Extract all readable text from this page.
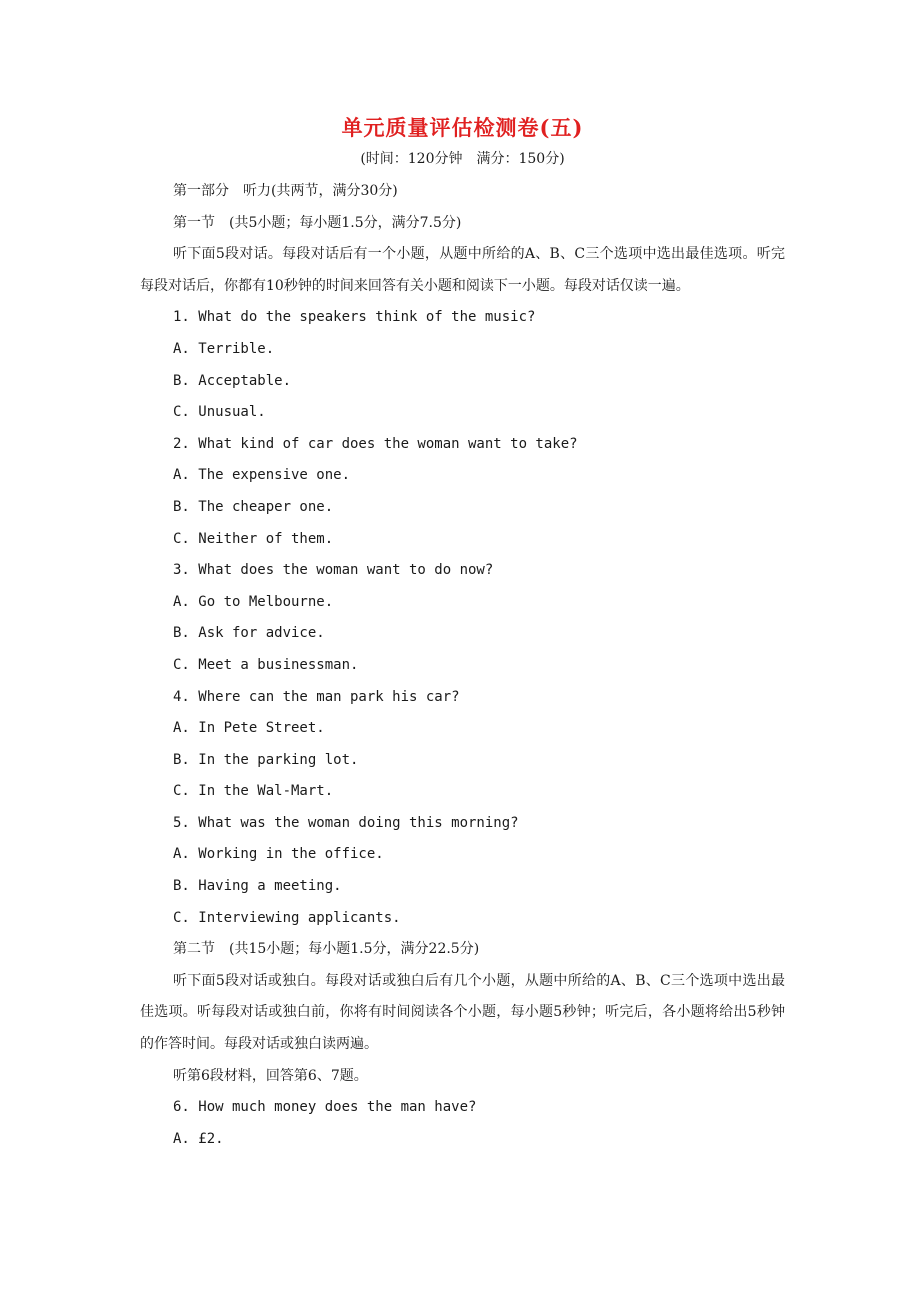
单元质量评估检测卷(五)

(时间：120分钟　满分：150分)

第一部分　听力(共两节，满分30分)

第一节　(共5小题；每小题1.5分，满分7.5分)

听下面5段对话。每段对话后有一个小题，从题中所给的A、B、C三个选项中选出最佳选项。听完每段对话后，你都有10秒钟的时间来回答有关小题和阅读下一小题。每段对话仅读一遍。

1. What do the speakers think of the music?

A. Terrible.

B. Acceptable.

C. Unusual.

2. What kind of car does the woman want to take?

A. The expensive one.

B. The cheaper one.

C. Neither of them.

3. What does the woman want to do now?

A. Go to Melbourne.

B. Ask for advice.

C. Meet a businessman.

4. Where can the man park his car?

A. In Pete Street.

B. In the parking lot.

C. In the Wal-Mart.

5. What was the woman doing this morning?

A. Working in the office.

B. Having a meeting.

C. Interviewing applicants.

第二节　(共15小题；每小题1.5分，满分22.5分)

听下面5段对话或独白。每段对话或独白后有几个小题，从题中所给的A、B、C三个选项中选出最佳选项。听每段对话或独白前，你将有时间阅读各个小题，每小题5秒钟；听完后，各小题将给出5秒钟的作答时间。每段对话或独白读两遍。

听第6段材料，回答第6、7题。

6. How much money does the man have?

A. £2.
